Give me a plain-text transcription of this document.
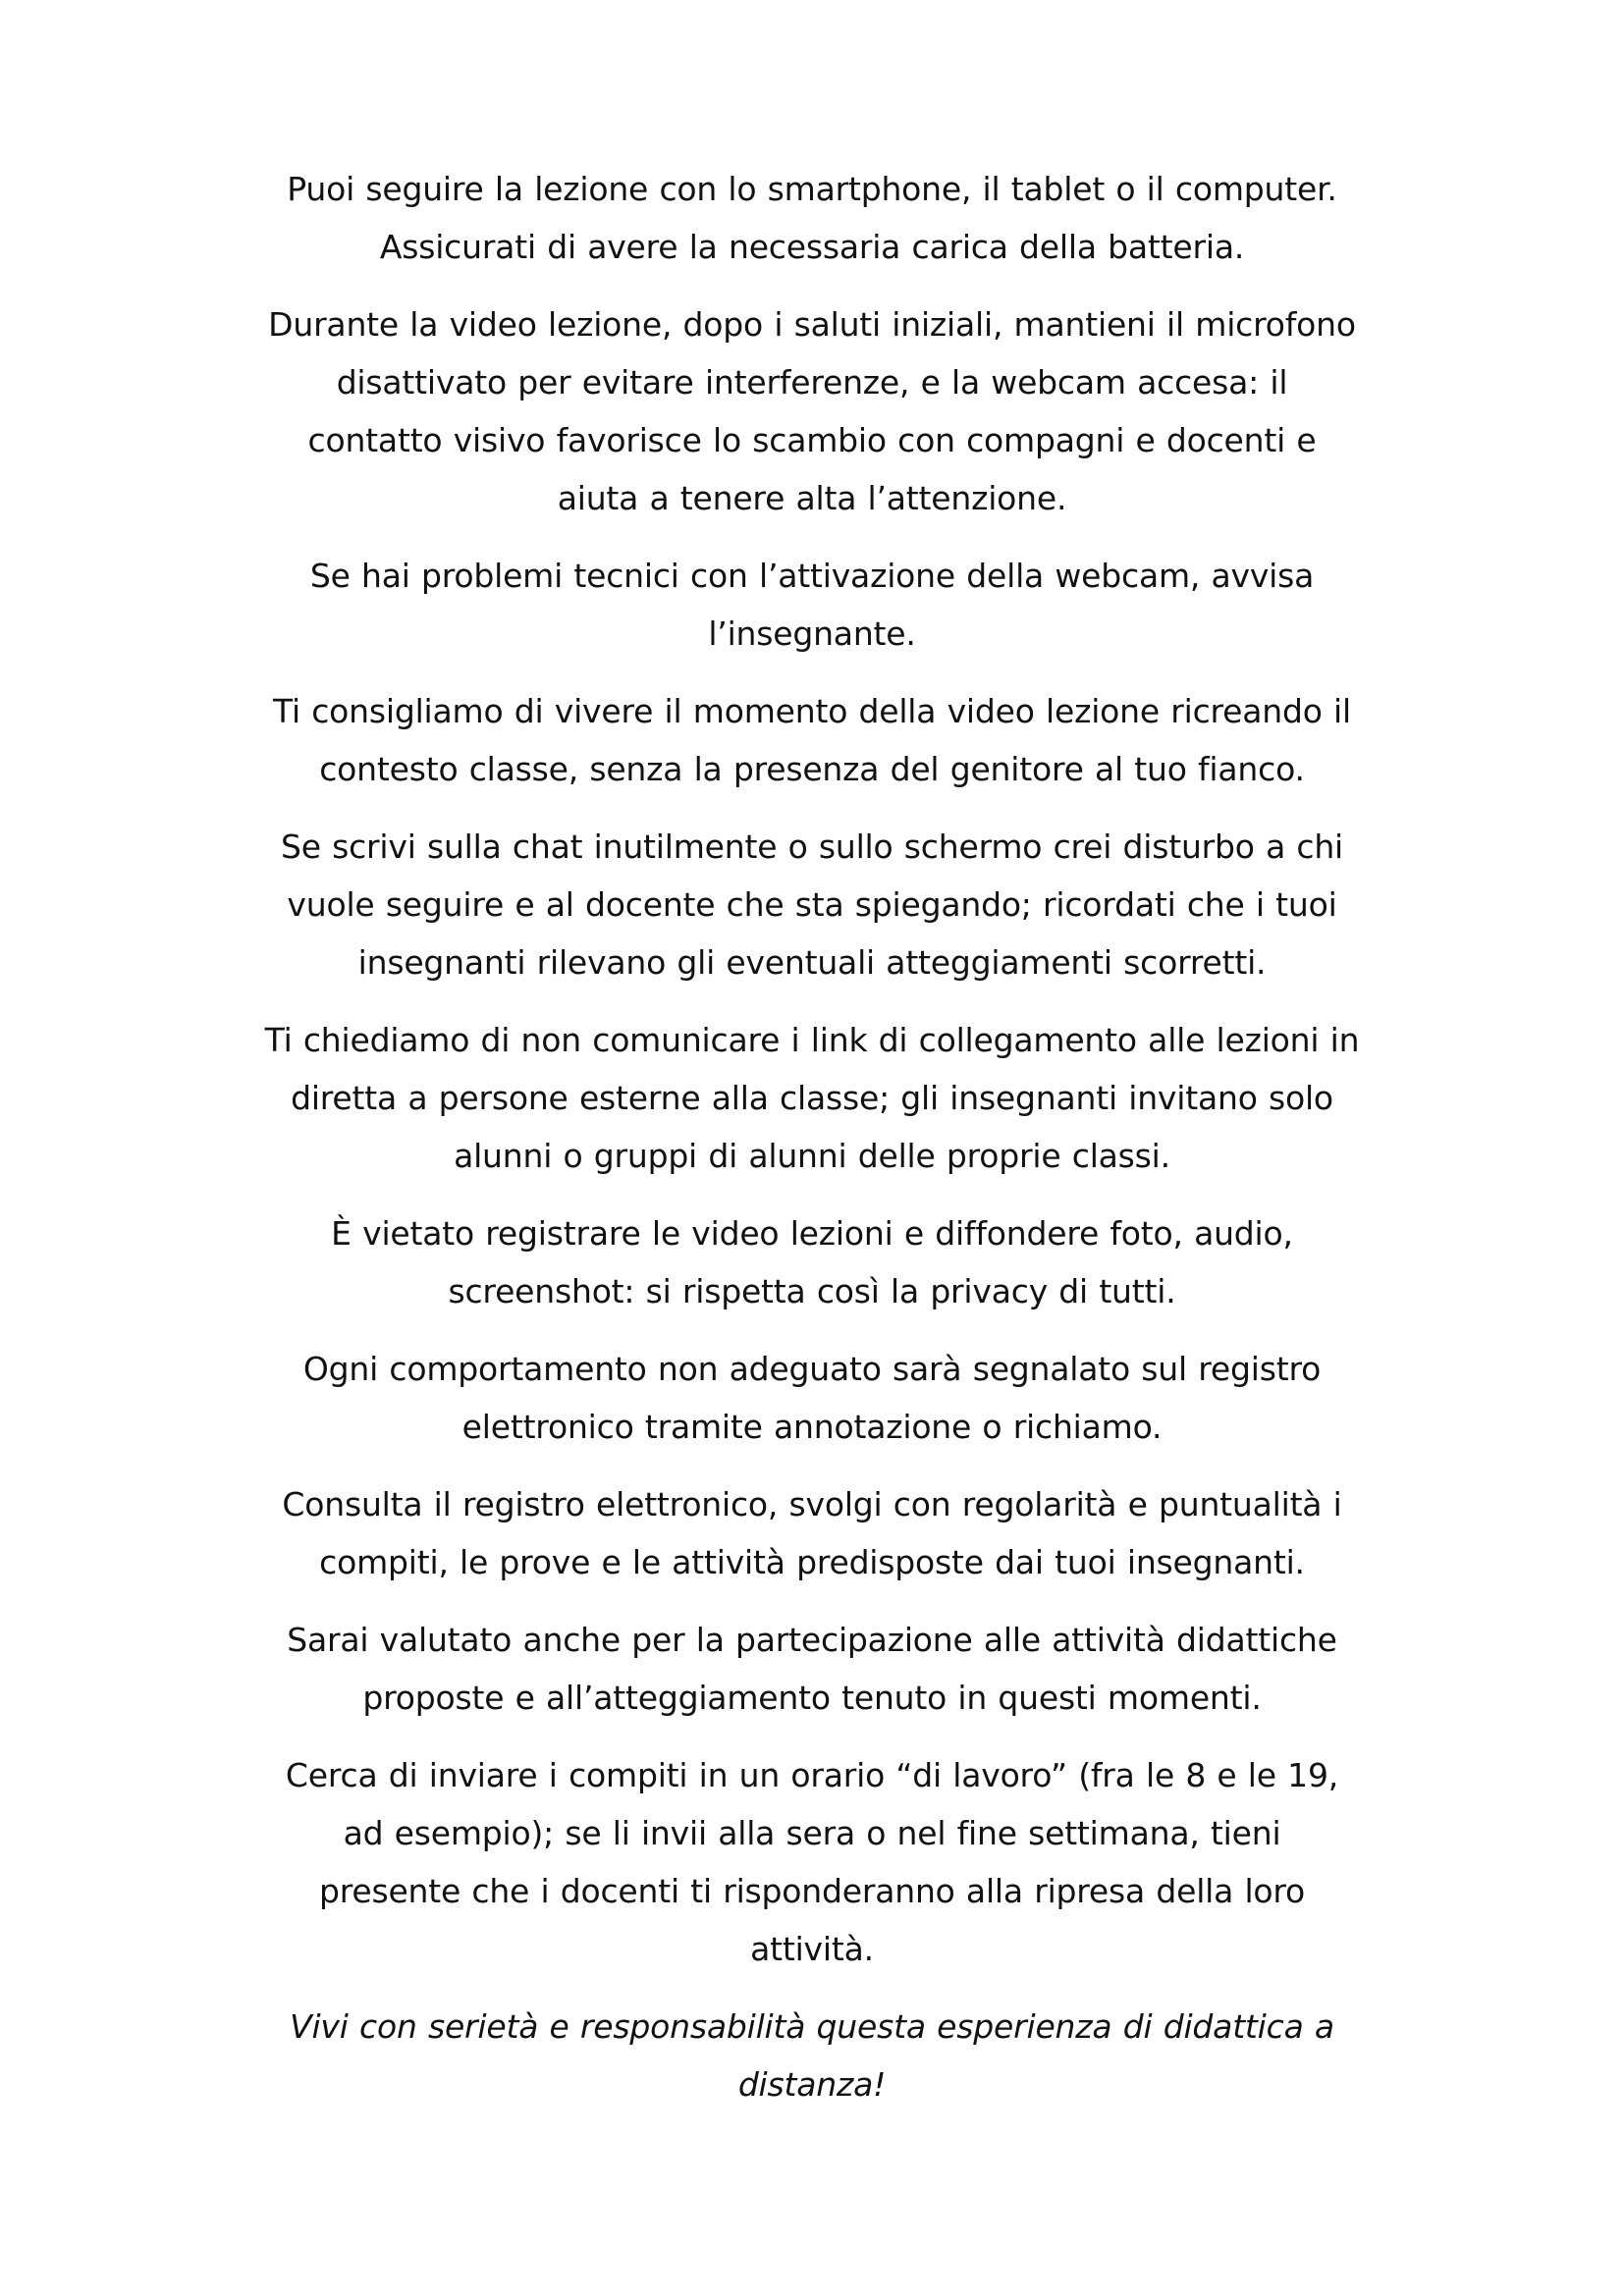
Puoi seguire la lezione con lo smartphone, il tablet o il computer.
Assicurati di avere la necessaria carica della batteria.

Durante la video lezione, dopo i saluti iniziali, mantieni il microfono
disattivato per evitare interferenze, e la webcam accesa: il
contatto visivo favorisce lo scambio con compagni e docenti e
aiuta a tenere alta l’attenzione.

Se hai problemi tecnici con l’attivazione della webcam, avvisa
l’insegnante.

Ti consigliamo di vivere il momento della video lezione ricreando il
contesto classe, senza la presenza del genitore al tuo fianco.

Se scrivi sulla chat inutilmente o sullo schermo crei disturbo a chi
vuole seguire e al docente che sta spiegando; ricordati che i tuoi
insegnanti rilevano gli eventuali atteggiamenti scorretti.

Ti chiediamo di non comunicare i link di collegamento alle lezioni in
diretta a persone esterne alla classe; gli insegnanti invitano solo
alunni o gruppi di alunni delle proprie classi.

È vietato registrare le video lezioni e diffondere foto, audio,
screenshot: si rispetta così la privacy di tutti.

Ogni comportamento non adeguato sarà segnalato sul registro
elettronico tramite annotazione o richiamo.

Consulta il registro elettronico, svolgi con regolarità e puntualità i
compiti, le prove e le attività predisposte dai tuoi insegnanti.

Sarai valutato anche per la partecipazione alle attività didattiche
proposte e all’atteggiamento tenuto in questi momenti.

Cerca di inviare i compiti in un orario “di lavoro” (fra le 8 e le 19,
ad esempio); se li invii alla sera o nel fine settimana, tieni
presente che i docenti ti risponderanno alla ripresa della loro
attività.

Vivi con serietà e responsabilità questa esperienza di didattica a
distanza!
